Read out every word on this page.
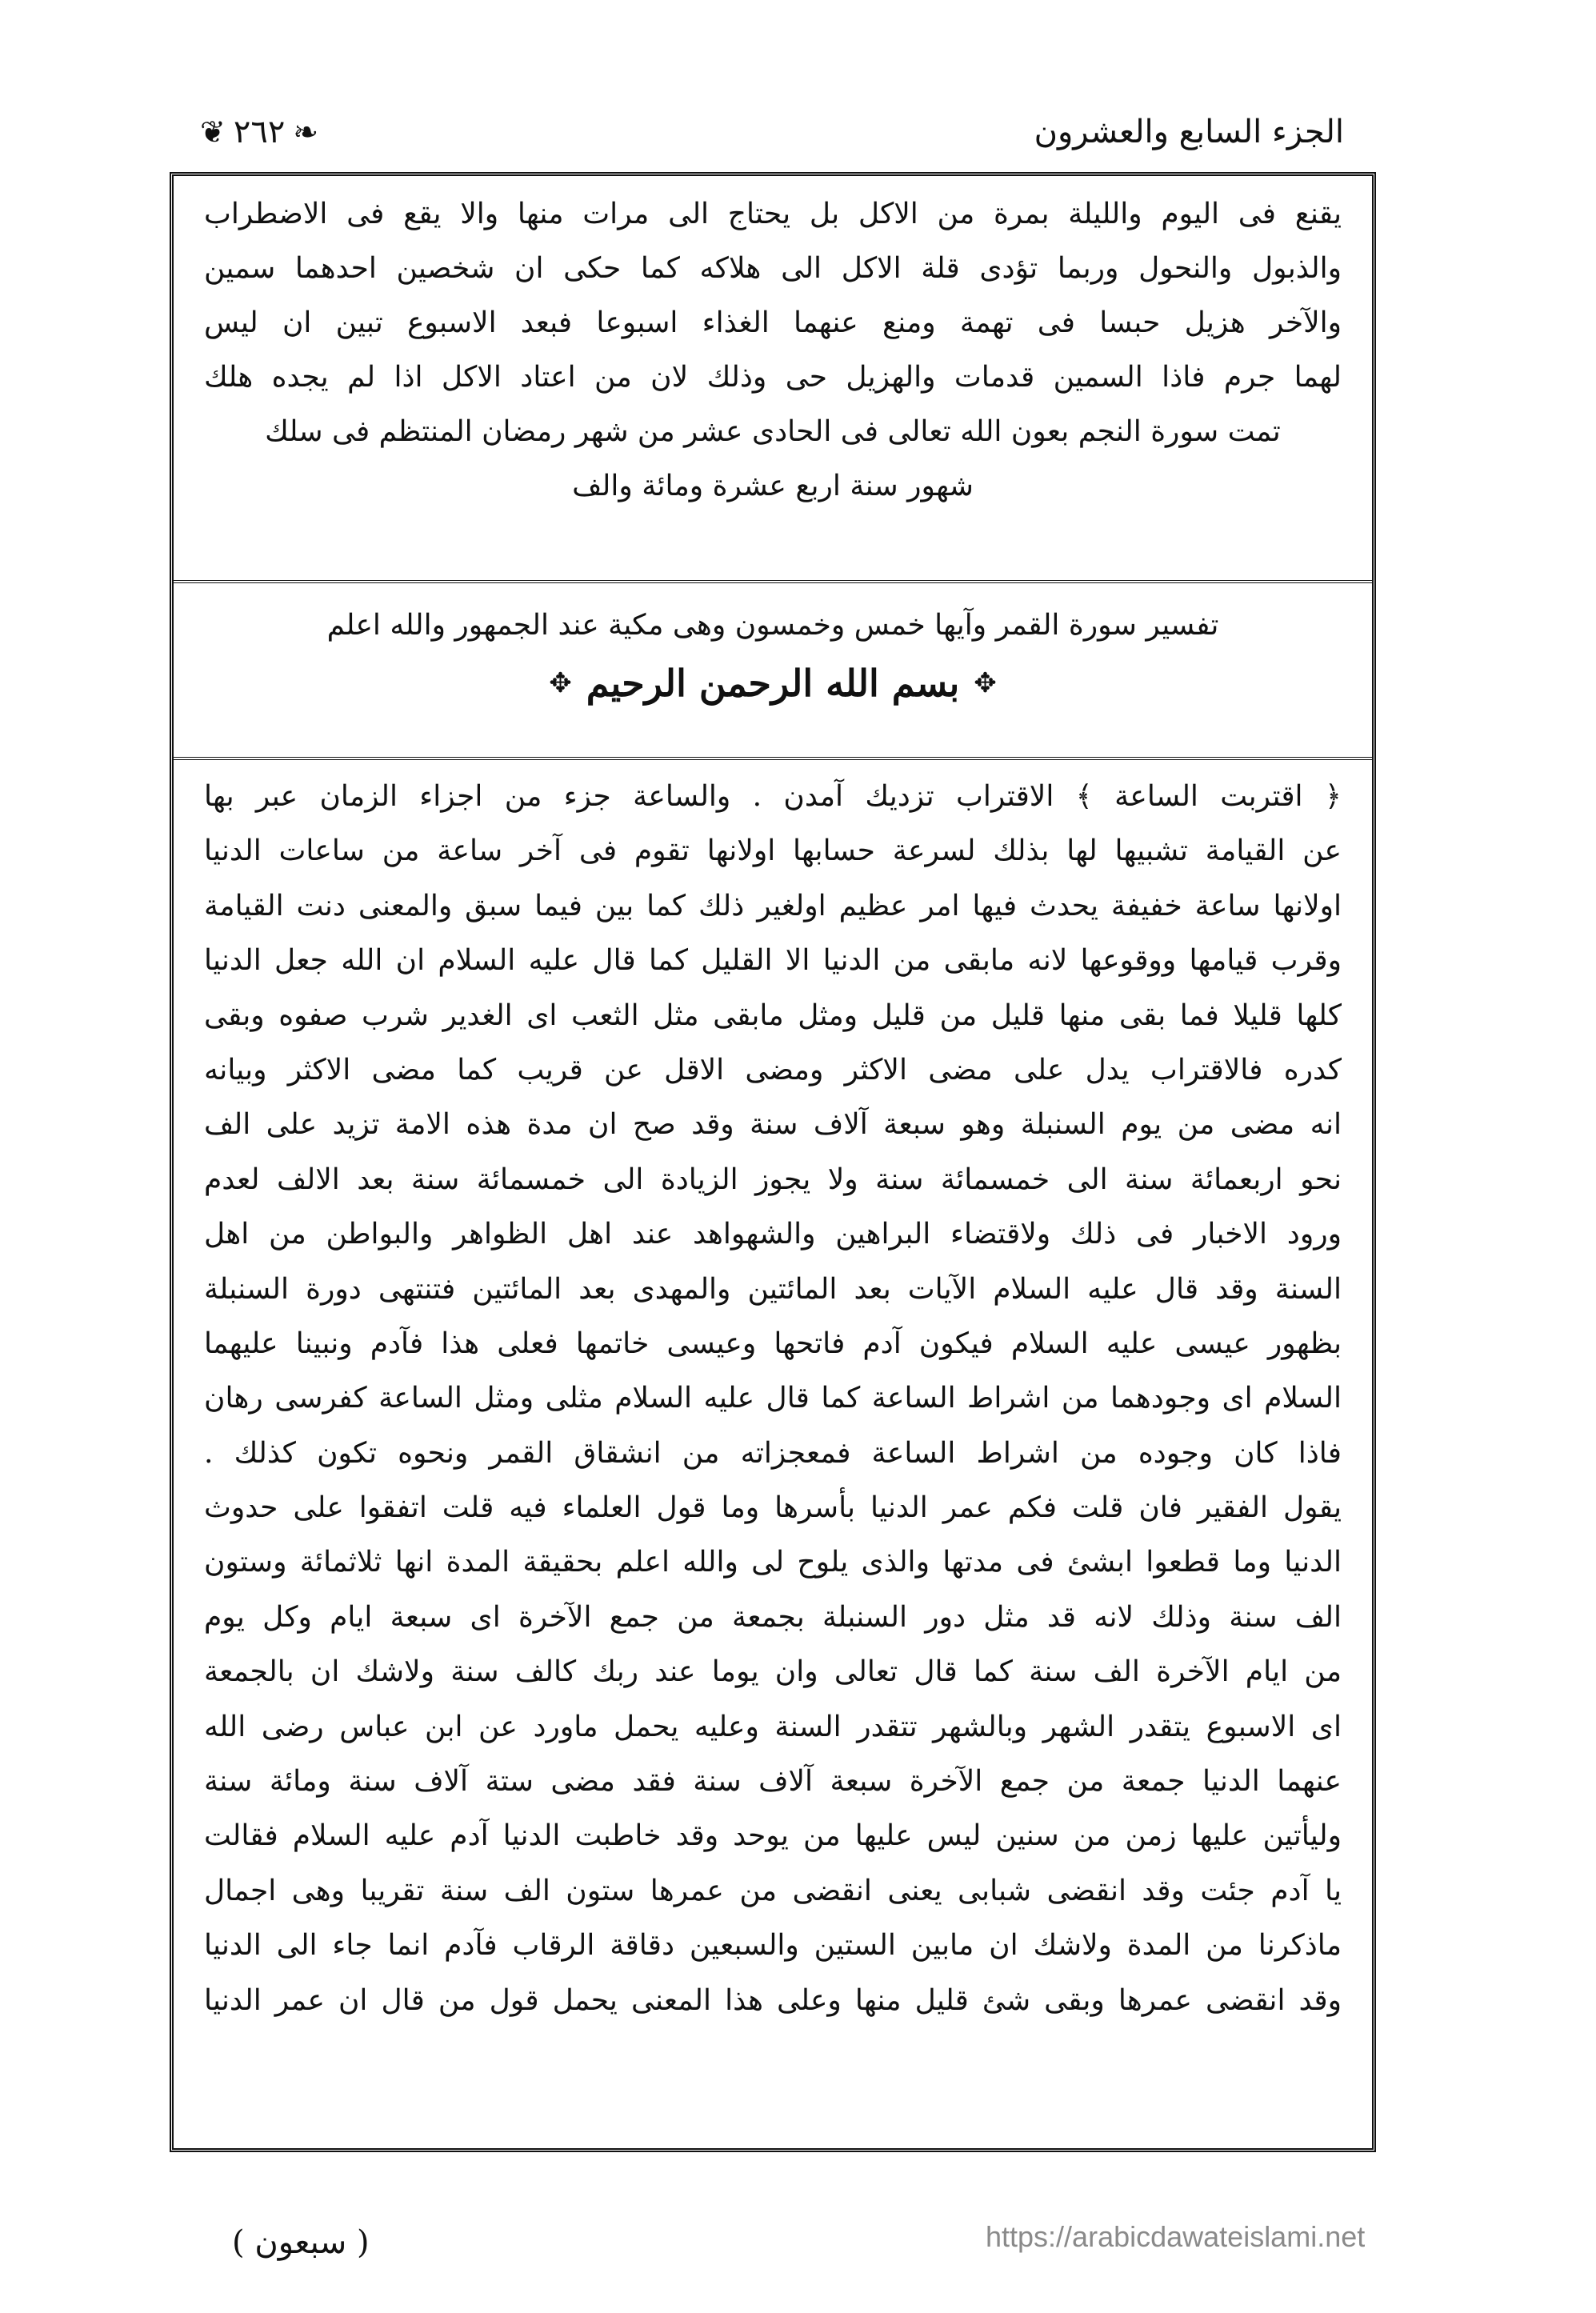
الجزء السابع والعشرون
❧
٢٦٢
❦
يقنع فى اليوم والليلة بمرة من الاكل بل يحتاج الى مرات منها والا يقع فى الاضطراب
والذبول والنحول وربما تؤدى قلة الاكل الى هلاكه كما حكى ان شخصين احدهما سمين
والآخر هزيل حبسا فى تهمة ومنع عنهما الغذاء اسبوعا فبعد الاسبوع تبين ان ليس
لهما جرم فاذا السمين قدمات والهزيل حى وذلك لان من اعتاد الاكل اذا لم يجده هلك
تمت سورة النجم بعون الله تعالى فى الحادى عشر من شهر رمضان المنتظم فى سلك
شهور سنة اربع عشرة ومائة والف
تفسير سورة القمر وآيها خمس وخمسون وهى مكية عند الجمهور والله اعلم
✥
بسم الله الرحمن الرحيم
✥
﴿ اقتربت الساعة ﴾ الاقتراب تزديك آمدن . والساعة جزء من اجزاء الزمان عبر بها
عن القيامة تشبيها لها بذلك لسرعة حسابها اولانها تقوم فى آخر ساعة من ساعات الدنيا
اولانها ساعة خفيفة يحدث فيها امر عظيم اولغير ذلك كما بين فيما سبق والمعنى دنت القيامة
وقرب قيامها ووقوعها لانه مابقى من الدنيا الا القليل كما قال عليه السلام ان الله جعل الدنيا
كلها قليلا فما بقى منها قليل من قليل ومثل مابقى مثل الثعب اى الغدير شرب صفوه وبقى
كدره فالاقتراب يدل على مضى الاكثر ومضى الاقل عن قريب كما مضى الاكثر وبيانه
انه مضى من يوم السنبلة وهو سبعة آلاف سنة وقد صح ان مدة هذه الامة تزيد على الف
نحو اربعمائة سنة الى خمسمائة سنة ولا يجوز الزيادة الى خمسمائة سنة بعد الالف لعدم
ورود الاخبار فى ذلك ولاقتضاء البراهين والشهواهد عند اهل الظواهر والبواطن من اهل
السنة وقد قال عليه السلام الآيات بعد المائتين والمهدى بعد المائتين فتنتهى دورة السنبلة
بظهور عيسى عليه السلام فيكون آدم فاتحها وعيسى خاتمها فعلى هذا فآدم ونبينا عليهما
السلام اى وجودهما من اشراط الساعة كما قال عليه السلام مثلى ومثل الساعة كفرسى رهان
فاذا كان وجوده من اشراط الساعة فمعجزاته من انشقاق القمر ونحوه تكون كذلك .
يقول الفقير فان قلت فكم عمر الدنيا بأسرها وما قول العلماء فيه قلت اتفقوا على حدوث
الدنيا وما قطعوا ابشئ فى مدتها والذى يلوح لى والله اعلم بحقيقة المدة انها ثلاثمائة وستون
الف سنة وذلك لانه قد مثل دور السنبلة بجمعة من جمع الآخرة اى سبعة ايام وكل يوم
من ايام الآخرة الف سنة كما قال تعالى وان يوما عند ربك كالف سنة ولاشك ان بالجمعة
اى الاسبوع يتقدر الشهر وبالشهر تتقدر السنة وعليه يحمل ماورد عن ابن عباس رضى الله
عنهما الدنيا جمعة من جمع الآخرة سبعة آلاف سنة فقد مضى ستة آلاف سنة ومائة سنة
وليأتين عليها زمن من سنين ليس عليها من يوحد وقد خاطبت الدنيا آدم عليه السلام فقالت
يا آدم جئت وقد انقضى شبابى يعنى انقضى من عمرها ستون الف سنة تقريبا وهى اجمال
ماذكرنا من المدة ولاشك ان مابين الستين والسبعين دقاقة الرقاب فآدم انما جاء الى الدنيا
وقد انقضى عمرها وبقى شئ قليل منها وعلى هذا المعنى يحمل قول من قال ان عمر الدنيا
( سبعون )	https://arabicdawateislami.net
